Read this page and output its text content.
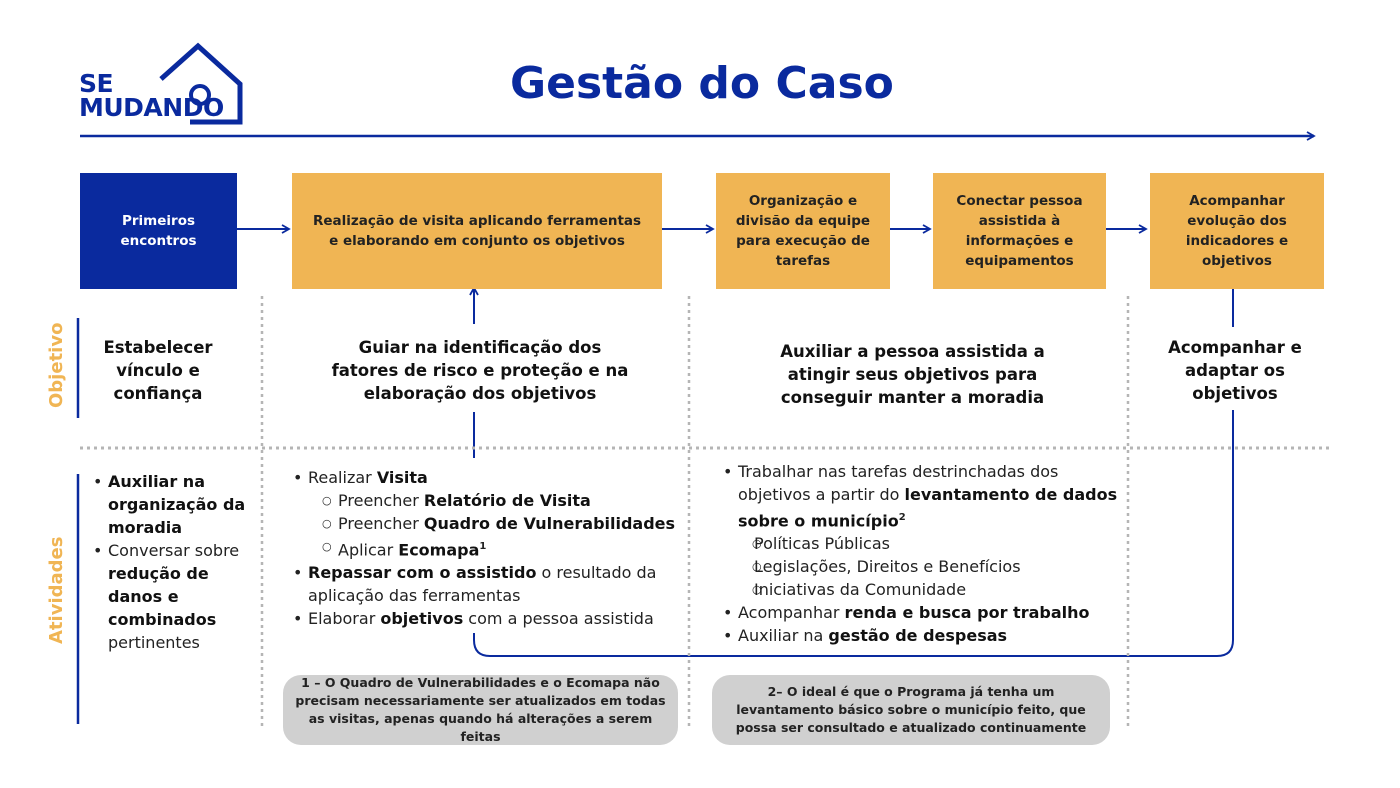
SE
MUDANDO	Gestão do Caso
Primeiros encontros
Realização de visita aplicando ferramentas e elaborando em conjunto os objetivos
Organização e divisão da equipe para execução de tarefas
Conectar pessoa assistida à informações e equipamentos
Acompanhar evolução dos indicadores e objetivos
Objetivo
Atividades
Estabelecer vínculo e confiança
Guiar na identificação dos fatores de risco e proteção e na elaboração dos objetivos
Auxiliar a pessoa assistida a atingir seus objetivos para conseguir manter a moradia
Acompanhar e adaptar os objetivos
• Auxiliar na organização da moradia
• Conversar sobre redução de danos e combinados pertinentes
• Realizar Visita
○ Preencher Relatório de Visita
○ Preencher Quadro de Vulnerabilidades
○ Aplicar Ecomapa$^1$
• Repassar com o assistido o resultado da aplicação das ferramentas
• Elaborar objetivos com a pessoa assistida
• Trabalhar nas tarefas destrinchadas dos objetivos a partir do levantamento de dados sobre o município$^2$
○ Políticas Públicas
○ Legislações, Direitos e Benefícios
○ Iniciativas da Comunidade
• Acompanhar renda e busca por trabalho
• Auxiliar na gestão de despesas
1 – O Quadro de Vulnerabilidades e o Ecomapa não precisam necessariamente ser atualizados em todas as visitas, apenas quando há alterações a serem feitas
2– O ideal é que o Programa já tenha um levantamento básico sobre o município feito, que possa ser consultado e atualizado continuamente
